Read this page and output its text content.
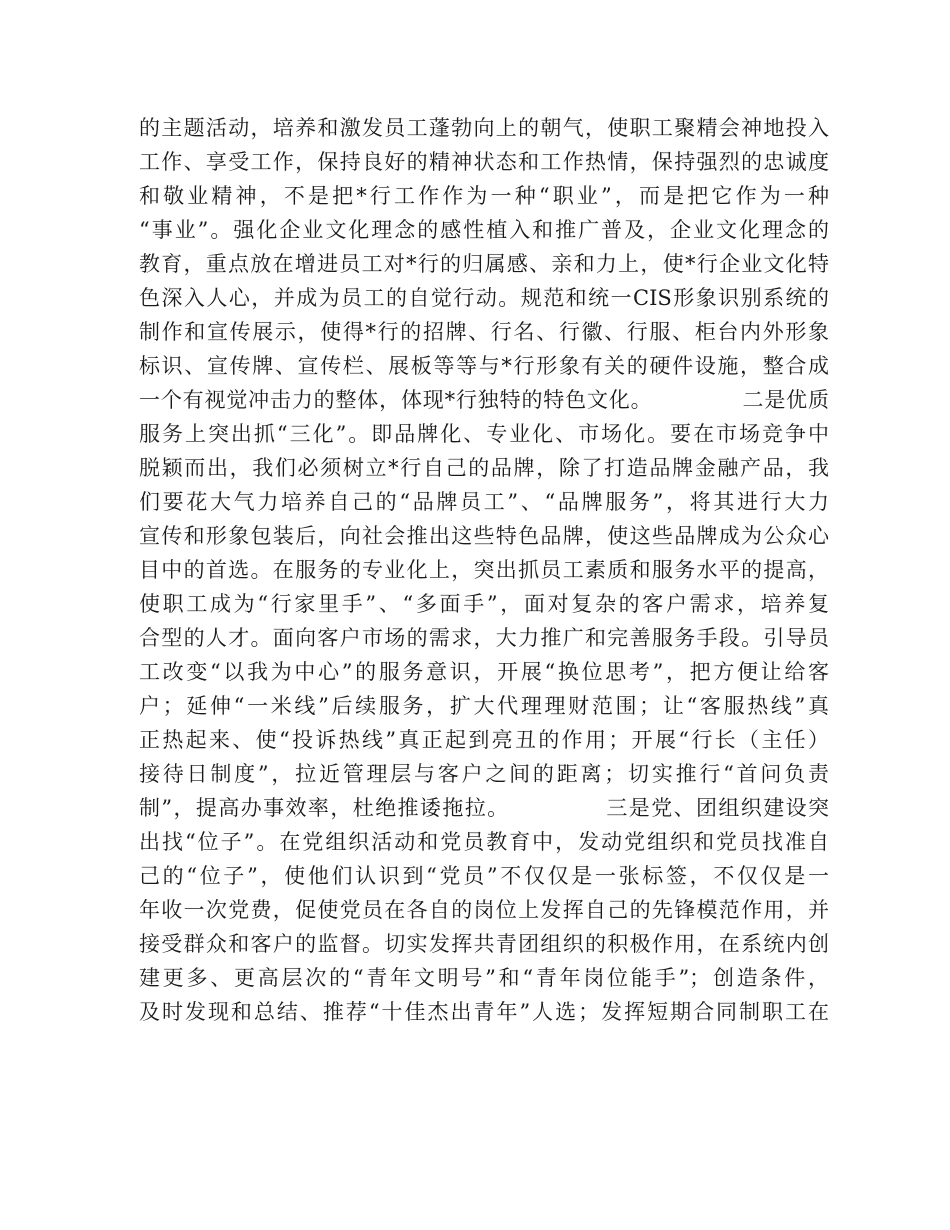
的主题活动，培养和激发员工蓬勃向上的朝气，使职工聚精会神地投入
工作、享受工作，保持良好的精神状态和工作热情，保持强烈的忠诚度
和敬业精神，不是把*行工作作为一种“职业”，而是把它作为一种
“事业”。强化企业文化理念的感性植入和推广普及，企业文化理念的
教育，重点放在增进员工对*行的归属感、亲和力上，使*行企业文化特
色深入人心，并成为员工的自觉行动。规范和统一CIS形象识别系统的
制作和宣传展示，使得*行的招牌、行名、行徽、行服、柜台内外形象
标识、宣传牌、宣传栏、展板等等与*行形象有关的硬件设施，整合成
一个有视觉冲击力的整体，体现*行独特的特色文化。            二是优质
服务上突出抓“三化”。即品牌化、专业化、市场化。要在市场竞争中
脱颖而出，我们必须树立*行自己的品牌，除了打造品牌金融产品，我
们要花大气力培养自己的“品牌员工”、“品牌服务”，将其进行大力
宣传和形象包装后，向社会推出这些特色品牌，使这些品牌成为公众心
目中的首选。在服务的专业化上，突出抓员工素质和服务水平的提高，
使职工成为“行家里手”、“多面手”，面对复杂的客户需求，培养复
合型的人才。面向客户市场的需求，大力推广和完善服务手段。引导员
工改变“以我为中心”的服务意识，开展“换位思考”，把方便让给客
户；延伸“一米线”后续服务，扩大代理理财范围；让“客服热线”真
正热起来、使“投诉热线”真正起到亮丑的作用；开展“行长（主任）
接待日制度”，拉近管理层与客户之间的距离；切实推行“首问负责
制”，提高办事效率，杜绝推诿拖拉。            三是党、团组织建设突
出找“位子”。在党组织活动和党员教育中，发动党组织和党员找准自
己的“位子”，使他们认识到“党员”不仅仅是一张标签，不仅仅是一
年收一次党费，促使党员在各自的岗位上发挥自己的先锋模范作用，并
接受群众和客户的监督。切实发挥共青团组织的积极作用，在系统内创
建更多、更高层次的“青年文明号”和“青年岗位能手”；创造条件，
及时发现和总结、推荐“十佳杰出青年”人选；发挥短期合同制职工在
